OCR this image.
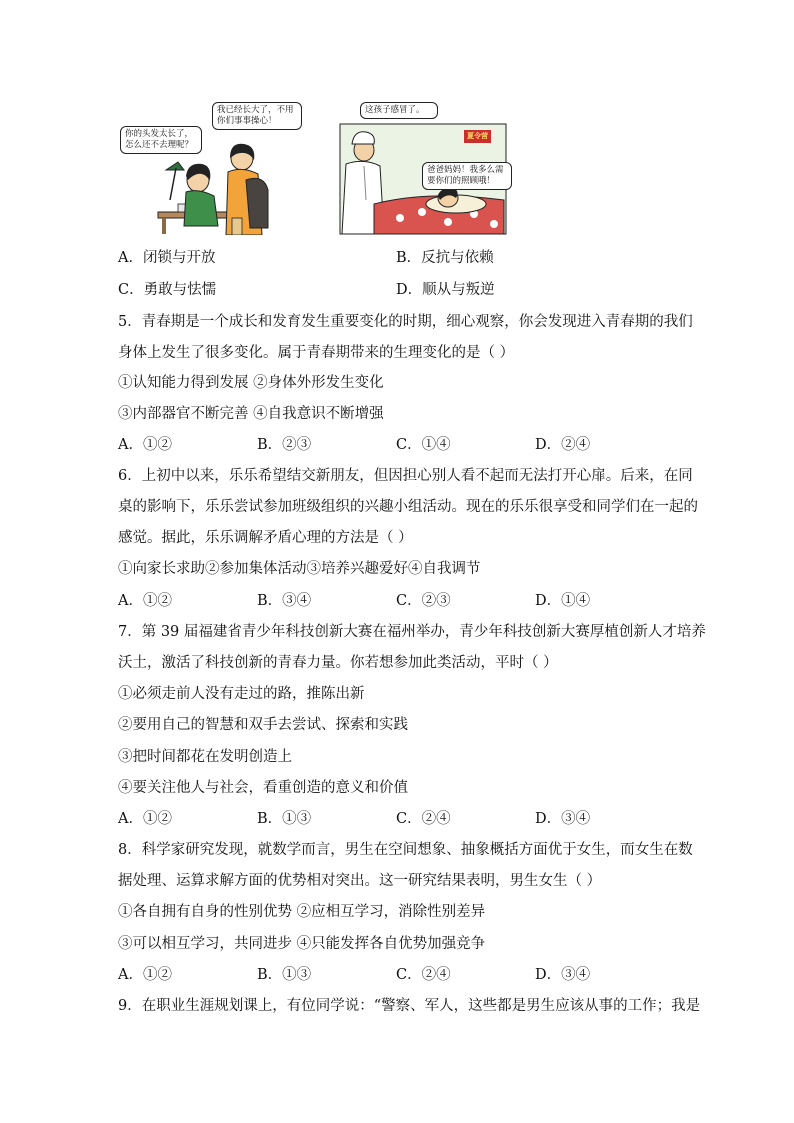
你的头发太长了，怎么还不去理呢？
我已经长大了，不用你们事事操心！
这孩子感冒了。
夏令营
爸爸妈妈！我多么需要你们的照顾哦！
A．闭锁与开放	B．反抗与依赖
C．勇敢与怯懦	D．顺从与叛逆
5．青春期是一个成长和发育发生重要变化的时期，细心观察，你会发现进入青春期的我们
身体上发生了很多变化。属于青春期带来的生理变化的是（ ）
①认知能力得到发展 ②身体外形发生变化
③内部器官不断完善 ④自我意识不断增强
A．①②	B．②③	C．①④	D．②④
6．上初中以来，乐乐希望结交新朋友，但因担心别人看不起而无法打开心扉。后来，在同
桌的影响下，乐乐尝试参加班级组织的兴趣小组活动。现在的乐乐很享受和同学们在一起的
感觉。据此，乐乐调解矛盾心理的方法是（ ）
①向家长求助②参加集体活动③培养兴趣爱好④自我调节
A．①②	B．③④	C．②③	D．①④
7．第 39 届福建省青少年科技创新大赛在福州举办，青少年科技创新大赛厚植创新人才培养
沃土，激活了科技创新的青春力量。你若想参加此类活动，平时（ ）
①必须走前人没有走过的路，推陈出新
②要用自己的智慧和双手去尝试、探索和实践
③把时间都花在发明创造上
④要关注他人与社会，看重创造的意义和价值
A．①②	B．①③	C．②④	D．③④
8．科学家研究发现，就数学而言，男生在空间想象、抽象概括方面优于女生，而女生在数
据处理、运算求解方面的优势相对突出。这一研究结果表明，男生女生（ ）
①各自拥有自身的性别优势 ②应相互学习，消除性别差异
③可以相互学习，共同进步 ④只能发挥各自优势加强竞争
A．①②	B．①③	C．②④	D．③④
9．在职业生涯规划课上，有位同学说：“警察、军人，这些都是男生应该从事的工作；我是
